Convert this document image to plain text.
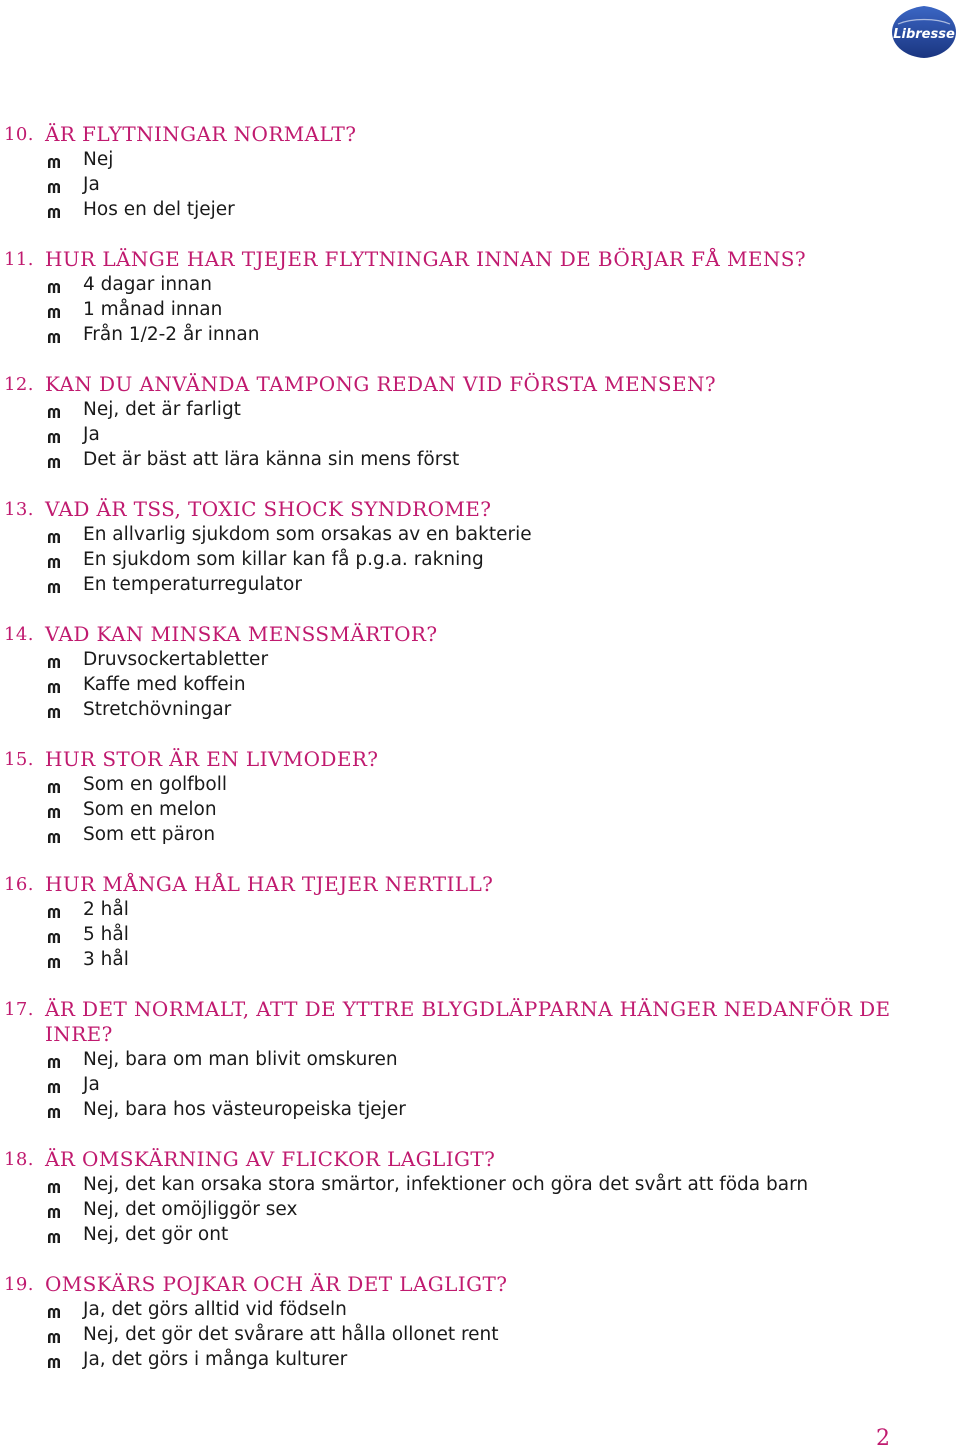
Libresse
10. ÄR FLYTNINGAR NORMALT?
Nej
Ja
Hos en del tjejer
11. HUR LÄNGE HAR TJEJER FLYTNINGAR INNAN DE BÖRJAR FÅ MENS?
4 dagar innan
1 månad innan
Från 1/2-2 år innan
12. KAN DU ANVÄNDA TAMPONG REDAN VID FÖRSTA MENSEN?
Nej, det är farligt
Ja
Det är bäst att lära känna sin mens först
13. VAD ÄR TSS, TOXIC SHOCK SYNDROME?
En allvarlig sjukdom som orsakas av en bakterie
En sjukdom som killar kan få p.g.a. rakning
En temperaturregulator
14. VAD KAN MINSKA MENSSMÄRTOR?
Druvsockertabletter
Kaffe med koffein
Stretchövningar
15. HUR STOR ÄR EN LIVMODER?
Som en golfboll
Som en melon
Som ett päron
16. HUR MÅNGA HÅL HAR TJEJER NERTILL?
2 hål
5 hål
3 hål
17. ÄR DET NORMALT, ATT DE YTTRE BLYGDLÄPPARNA HÄNGER NEDANFÖR DE INRE?
Nej, bara om man blivit omskuren
Ja
Nej, bara hos västeuropeiska tjejer
18. ÄR OMSKÄRNING AV FLICKOR LAGLIGT?
Nej, det kan orsaka stora smärtor, infektioner och göra det svårt att föda barn
Nej, det omöjliggör sex
Nej, det gör ont
19. OMSKÄRS POJKAR OCH ÄR DET LAGLIGT?
Ja, det görs alltid vid födseln
Nej, det gör det svårare att hålla ollonet rent
Ja, det görs i många kulturer
2
